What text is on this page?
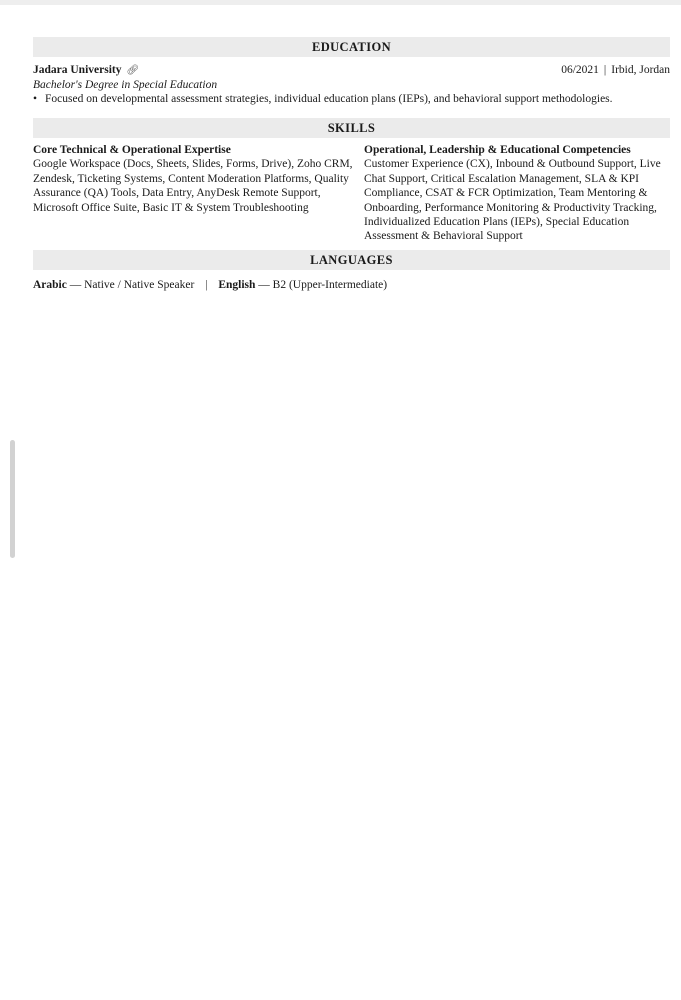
EDUCATION
Jadara University 🔗︎	06/2021 | Irbid, Jordan
Bachelor's Degree in Special Education
• Focused on developmental assessment strategies, individual education plans (IEPs), and behavioral support methodologies.
SKILLS
Core Technical & Operational Expertise
Google Workspace (Docs, Sheets, Slides, Forms, Drive), Zoho CRM, Zendesk, Ticketing Systems, Content Moderation Platforms, Quality Assurance (QA) Tools, Data Entry, AnyDesk Remote Support, Microsoft Office Suite, Basic IT & System Troubleshooting
Operational, Leadership & Educational Competencies
Customer Experience (CX), Inbound & Outbound Support, Live Chat Support, Critical Escalation Management, SLA & KPI Compliance, CSAT & FCR Optimization, Team Mentoring & Onboarding, Performance Monitoring & Productivity Tracking, Individualized Education Plans (IEPs), Special Education Assessment & Behavioral Support
LANGUAGES
Arabic — Native / Native Speaker | English — B2 (Upper-Intermediate)
